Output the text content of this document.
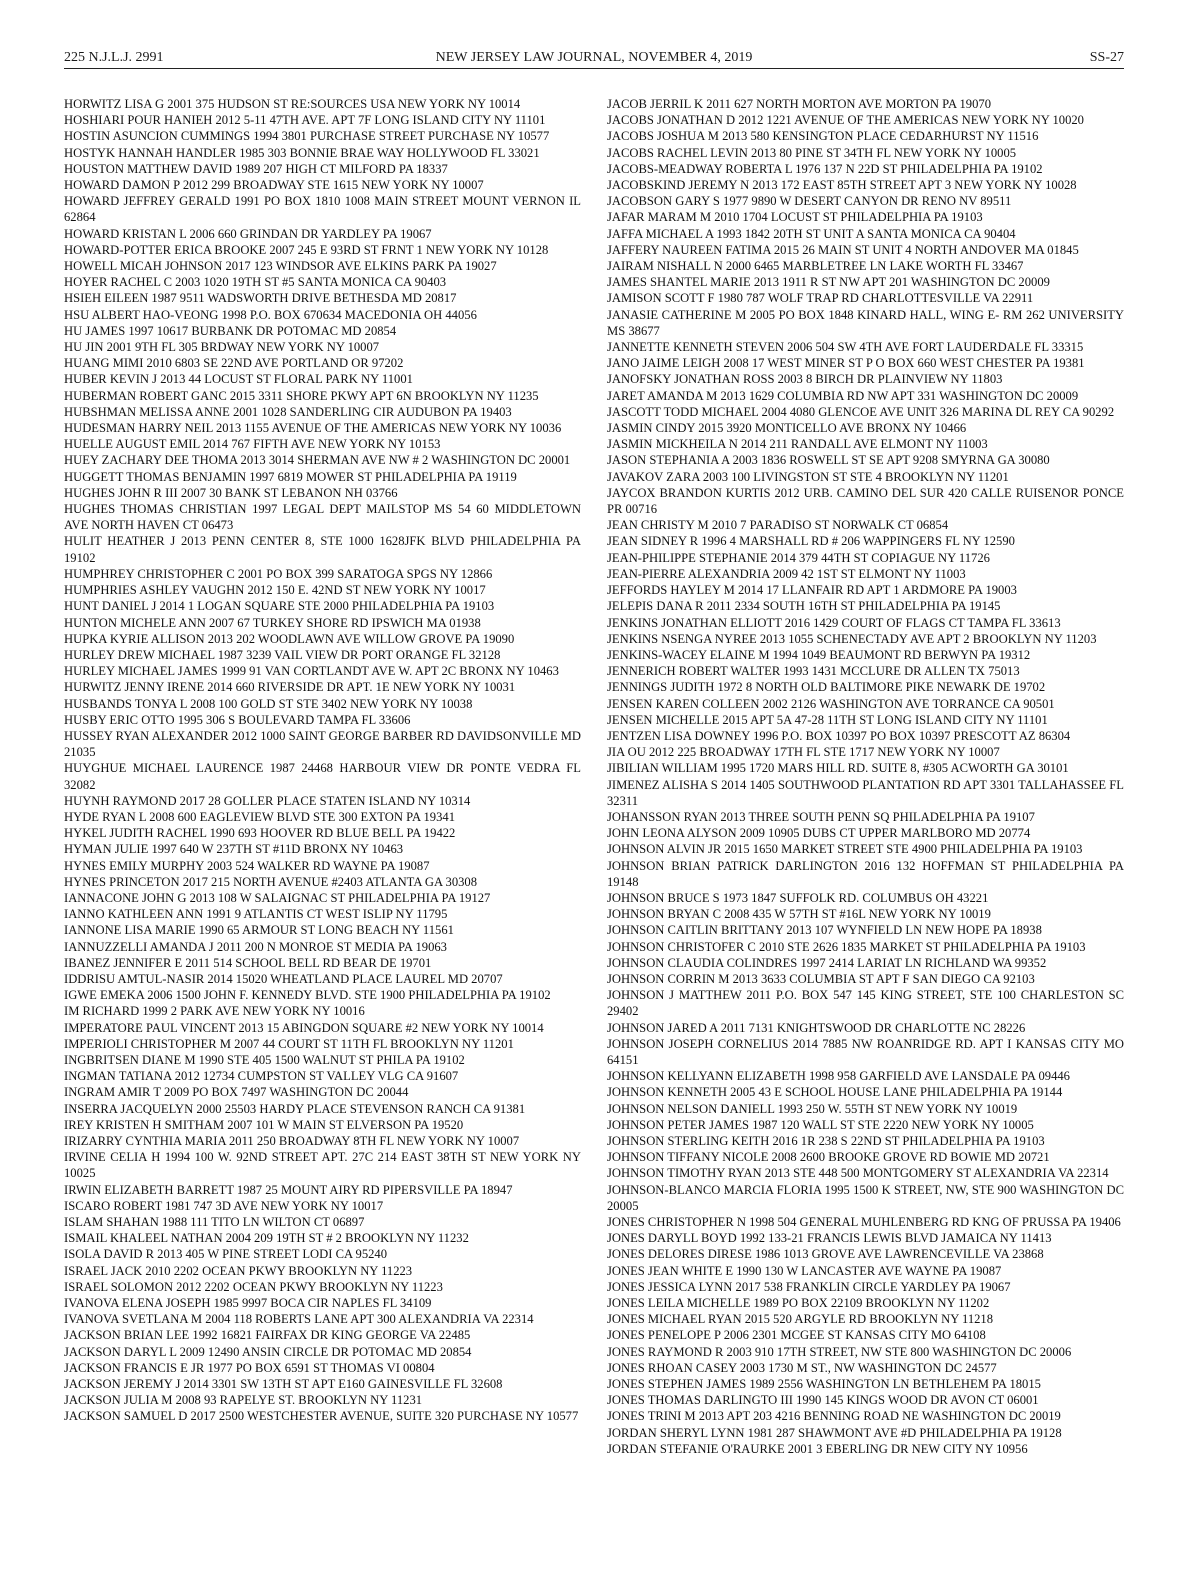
225 N.J.L.J. 2991	NEW JERSEY LAW JOURNAL, NOVEMBER 4, 2019	SS-27

HORWITZ LISA G 2001 375 HUDSON ST RE:SOURCES USA NEW YORK NY 10014

HOSHIARI POUR HANIEH 2012 5-11 47TH AVE. APT 7F LONG ISLAND CITY NY 11101

HOSTIN ASUNCION CUMMINGS 1994 3801 PURCHASE STREET PURCHASE NY 10577

HOSTYK HANNAH HANDLER 1985 303 BONNIE BRAE WAY HOLLYWOOD FL 33021

HOUSTON MATTHEW DAVID 1989 207 HIGH CT MILFORD PA 18337

HOWARD DAMON P 2012 299 BROADWAY STE 1615 NEW YORK NY 10007

HOWARD JEFFREY GERALD 1991 PO BOX 1810 1008 MAIN STREET MOUNT VERNON IL 62864

HOWARD KRISTAN L 2006 660 GRINDAN DR YARDLEY PA 19067

HOWARD-POTTER ERICA BROOKE 2007 245 E 93RD ST FRNT 1 NEW YORK NY 10128

HOWELL MICAH JOHNSON 2017 123 WINDSOR AVE ELKINS PARK PA 19027

HOYER RACHEL C 2003 1020 19TH ST #5 SANTA MONICA CA 90403

HSIEH EILEEN 1987 9511 WADSWORTH DRIVE BETHESDA MD 20817

HSU ALBERT HAO-VEONG 1998 P.O. BOX 670634 MACEDONIA OH 44056

HU JAMES 1997 10617 BURBANK DR POTOMAC MD 20854

HU JIN 2001 9TH FL 305 BRDWAY NEW YORK NY 10007

HUANG MIMI 2010 6803 SE 22ND AVE PORTLAND OR 97202

HUBER KEVIN J 2013 44 LOCUST ST FLORAL PARK NY 11001

HUBERMAN ROBERT GANC 2015 3311 SHORE PKWY APT 6N BROOKLYN NY 11235

HUBSHMAN MELISSA ANNE 2001 1028 SANDERLING CIR AUDUBON PA 19403

HUDESMAN HARRY NEIL 2013 1155 AVENUE OF THE AMERICAS NEW YORK NY 10036

HUELLE AUGUST EMIL 2014 767 FIFTH AVE NEW YORK NY 10153

HUEY ZACHARY DEE THOMA 2013 3014 SHERMAN AVE NW # 2 WASHINGTON DC 20001

HUGGETT THOMAS BENJAMIN 1997 6819 MOWER ST PHILADELPHIA PA 19119

HUGHES JOHN R III 2007 30 BANK ST LEBANON NH 03766

HUGHES THOMAS CHRISTIAN 1997 LEGAL DEPT MAILSTOP MS 54 60 MIDDLETOWN AVE NORTH HAVEN CT 06473

HULIT HEATHER J 2013 PENN CENTER 8, STE 1000 1628JFK BLVD PHILADELPHIA PA 19102

HUMPHREY CHRISTOPHER C 2001 PO BOX 399 SARATOGA SPGS NY 12866

HUMPHRIES ASHLEY VAUGHN 2012 150 E. 42ND ST NEW YORK NY 10017

HUNT DANIEL J 2014 1 LOGAN SQUARE STE 2000 PHILADELPHIA PA 19103

HUNTON MICHELE ANN 2007 67 TURKEY SHORE RD IPSWICH MA 01938

HUPKA KYRIE ALLISON 2013 202 WOODLAWN AVE WILLOW GROVE PA 19090

HURLEY DREW MICHAEL 1987 3239 VAIL VIEW DR PORT ORANGE FL 32128

HURLEY MICHAEL JAMES 1999 91 VAN CORTLANDT AVE W. APT 2C BRONX NY 10463

HURWITZ JENNY IRENE 2014 660 RIVERSIDE DR APT. 1E NEW YORK NY 10031

HUSBANDS TONYA L 2008 100 GOLD ST STE 3402 NEW YORK NY 10038

HUSBY ERIC OTTO 1995 306 S BOULEVARD TAMPA FL 33606

HUSSEY RYAN ALEXANDER 2012 1000 SAINT GEORGE BARBER RD DAVIDSONVILLE MD 21035

HUYGHUE MICHAEL LAURENCE 1987 24468 HARBOUR VIEW DR PONTE VEDRA FL 32082

HUYNH RAYMOND 2017 28 GOLLER PLACE STATEN ISLAND NY 10314

HYDE RYAN L 2008 600 EAGLEVIEW BLVD STE 300 EXTON PA 19341

HYKEL JUDITH RACHEL 1990 693 HOOVER RD BLUE BELL PA 19422

HYMAN JULIE 1997 640 W 237TH ST #11D BRONX NY 10463

HYNES EMILY MURPHY 2003 524 WALKER RD WAYNE PA 19087

HYNES PRINCETON 2017 215 NORTH AVENUE #2403 ATLANTA GA 30308

IANNACONE JOHN G 2013 108 W SALAIGNAC ST PHILADELPHIA PA 19127

IANNO KATHLEEN ANN 1991 9 ATLANTIS CT WEST ISLIP NY 11795

IANNONE LISA MARIE 1990 65 ARMOUR ST LONG BEACH NY 11561

IANNUZZELLI AMANDA J 2011 200 N MONROE ST MEDIA PA 19063

IBANEZ JENNIFER E 2011 514 SCHOOL BELL RD BEAR DE 19701

IDDRISU AMTUL-NASIR 2014 15020 WHEATLAND PLACE LAUREL MD 20707

IGWE EMEKA 2006 1500 JOHN F. KENNEDY BLVD. STE 1900 PHILADELPHIA PA 19102

IM RICHARD 1999 2 PARK AVE NEW YORK NY 10016

IMPERATORE PAUL VINCENT 2013 15 ABINGDON SQUARE #2 NEW YORK NY 10014

IMPERIOLI CHRISTOPHER M 2007 44 COURT ST 11TH FL BROOKLYN NY 11201

INGBRITSEN DIANE M 1990 STE 405 1500 WALNUT ST PHILA PA 19102

INGMAN TATIANA 2012 12734 CUMPSTON ST VALLEY VLG CA 91607

INGRAM AMIR T 2009 PO BOX 7497 WASHINGTON DC 20044

INSERRA JACQUELYN 2000 25503 HARDY PLACE STEVENSON RANCH CA 91381

IREY KRISTEN H SMITHAM 2007 101 W MAIN ST ELVERSON PA 19520

IRIZARRY CYNTHIA MARIA 2011 250 BROADWAY 8TH FL NEW YORK NY 10007

IRVINE CELIA H 1994 100 W. 92ND STREET APT. 27C 214 EAST 38TH ST NEW YORK NY 10025

IRWIN ELIZABETH BARRETT 1987 25 MOUNT AIRY RD PIPERSVILLE PA 18947

ISCARO ROBERT 1981 747 3D AVE NEW YORK NY 10017

ISLAM SHAHAN 1988 111 TITO LN WILTON CT 06897

ISMAIL KHALEEL NATHAN 2004 209 19TH ST # 2 BROOKLYN NY 11232

ISOLA DAVID R 2013 405 W PINE STREET LODI CA 95240

ISRAEL JACK 2010 2202 OCEAN PKWY BROOKLYN NY 11223

ISRAEL SOLOMON 2012 2202 OCEAN PKWY BROOKLYN NY 11223

IVANOVA ELENA JOSEPH 1985 9997 BOCA CIR NAPLES FL 34109

IVANOVA SVETLANA M 2004 118 ROBERTS LANE APT 300 ALEXANDRIA VA 22314

JACKSON BRIAN LEE 1992 16821 FAIRFAX DR KING GEORGE VA 22485

JACKSON DARYL L 2009 12490 ANSIN CIRCLE DR POTOMAC MD 20854

JACKSON FRANCIS E JR 1977 PO BOX 6591 ST THOMAS VI 00804

JACKSON JEREMY J 2014 3301 SW 13TH ST APT E160 GAINESVILLE FL 32608

JACKSON JULIA M 2008 93 RAPELYE ST. BROOKLYN NY 11231

JACKSON SAMUEL D 2017 2500 WESTCHESTER AVENUE, SUITE 320 PURCHASE NY 10577

JACOB JERRIL K 2011 627 NORTH MORTON AVE MORTON PA 19070

JACOBS JONATHAN D 2012 1221 AVENUE OF THE AMERICAS NEW YORK NY 10020

JACOBS JOSHUA M 2013 580 KENSINGTON PLACE CEDARHURST NY 11516

JACOBS RACHEL LEVIN 2013 80 PINE ST 34TH FL NEW YORK NY 10005

JACOBS-MEADWAY ROBERTA L 1976 137 N 22D ST PHILADELPHIA PA 19102

JACOBSKIND JEREMY N 2013 172 EAST 85TH STREET APT 3 NEW YORK NY 10028

JACOBSON GARY S 1977 9890 W DESERT CANYON DR RENO NV 89511

JAFAR MARAM M 2010 1704 LOCUST ST PHILADELPHIA PA 19103

JAFFA MICHAEL A 1993 1842 20TH ST UNIT A SANTA MONICA CA 90404

JAFFERY NAUREEN FATIMA 2015 26 MAIN ST UNIT 4 NORTH ANDOVER MA 01845

JAIRAM NISHALL N 2000 6465 MARBLETREE LN LAKE WORTH FL 33467

JAMES SHANTEL MARIE 2013 1911 R ST NW APT 201 WASHINGTON DC 20009

JAMISON SCOTT F 1980 787 WOLF TRAP RD CHARLOTTESVILLE VA 22911

JANASIE CATHERINE M 2005 PO BOX 1848 KINARD HALL, WING E- RM 262 UNIVERSITY MS 38677

JANNETTE KENNETH STEVEN 2006 504 SW 4TH AVE FORT LAUDERDALE FL 33315

JANO JAIME LEIGH 2008 17 WEST MINER ST P O BOX 660 WEST CHESTER PA 19381

JANOFSKY JONATHAN ROSS 2003 8 BIRCH DR PLAINVIEW NY 11803

JARET AMANDA M 2013 1629 COLUMBIA RD NW APT 331 WASHINGTON DC 20009

JASCOTT TODD MICHAEL 2004 4080 GLENCOE AVE UNIT 326 MARINA DL REY CA 90292

JASMIN CINDY 2015 3920 MONTICELLO AVE BRONX NY 10466

JASMIN MICKHEILA N 2014 211 RANDALL AVE ELMONT NY 11003

JASON STEPHANIA A 2003 1836 ROSWELL ST SE APT 9208 SMYRNA GA 30080

JAVAKOV ZARA 2003 100 LIVINGSTON ST STE 4 BROOKLYN NY 11201

JAYCOX BRANDON KURTIS 2012 URB. CAMINO DEL SUR 420 CALLE RUISENOR PONCE PR 00716

JEAN CHRISTY M 2010 7 PARADISO ST NORWALK CT 06854

JEAN SIDNEY R 1996 4 MARSHALL RD # 206 WAPPINGERS FL NY 12590

JEAN-PHILIPPE STEPHANIE 2014 379 44TH ST COPIAGUE NY 11726

JEAN-PIERRE ALEXANDRIA 2009 42 1ST ST ELMONT NY 11003

JEFFORDS HAYLEY M 2014 17 LLANFAIR RD APT 1 ARDMORE PA 19003

JELEPIS DANA R 2011 2334 SOUTH 16TH ST PHILADELPHIA PA 19145

JENKINS JONATHAN ELLIOTT 2016 1429 COURT OF FLAGS CT TAMPA FL 33613

JENKINS NSENGA NYREE 2013 1055 SCHENECTADY AVE APT 2 BROOKLYN NY 11203

JENKINS-WACEY ELAINE M 1994 1049 BEAUMONT RD BERWYN PA 19312

JENNERICH ROBERT WALTER 1993 1431 MCCLURE DR ALLEN TX 75013

JENNINGS JUDITH 1972 8 NORTH OLD BALTIMORE PIKE NEWARK DE 19702

JENSEN KAREN COLLEEN 2002 2126 WASHINGTON AVE TORRANCE CA 90501

JENSEN MICHELLE 2015 APT 5A 47-28 11TH ST LONG ISLAND CITY NY 11101

JENTZEN LISA DOWNEY 1996 P.O. BOX 10397 PO BOX 10397 PRESCOTT AZ 86304

JIA OU 2012 225 BROADWAY 17TH FL STE 1717 NEW YORK NY 10007

JIBILIAN WILLIAM 1995 1720 MARS HILL RD. SUITE 8, #305 ACWORTH GA 30101

JIMENEZ ALISHA S 2014 1405 SOUTHWOOD PLANTATION RD APT 3301 TALLAHASSEE FL 32311

JOHANSSON RYAN 2013 THREE SOUTH PENN SQ PHILADELPHIA PA 19107

JOHN LEONA ALYSON 2009 10905 DUBS CT UPPER MARLBORO MD 20774

JOHNSON ALVIN JR 2015 1650 MARKET STREET STE 4900 PHILADELPHIA PA 19103

JOHNSON BRIAN PATRICK DARLINGTON 2016 132 HOFFMAN ST PHILADELPHIA PA 19148

JOHNSON BRUCE S 1973 1847 SUFFOLK RD. COLUMBUS OH 43221

JOHNSON BRYAN C 2008 435 W 57TH ST #16L NEW YORK NY 10019

JOHNSON CAITLIN BRITTANY 2013 107 WYNFIELD LN NEW HOPE PA 18938

JOHNSON CHRISTOFER C 2010 STE 2626 1835 MARKET ST PHILADELPHIA PA 19103

JOHNSON CLAUDIA COLINDRES 1997 2414 LARIAT LN RICHLAND WA 99352

JOHNSON CORRIN M 2013 3633 COLUMBIA ST APT F SAN DIEGO CA 92103

JOHNSON J MATTHEW 2011 P.O. BOX 547 145 KING STREET, STE 100 CHARLESTON SC 29402

JOHNSON JARED A 2011 7131 KNIGHTSWOOD DR CHARLOTTE NC 28226

JOHNSON JOSEPH CORNELIUS 2014 7885 NW ROANRIDGE RD. APT I KANSAS CITY MO 64151

JOHNSON KELLYANN ELIZABETH 1998 958 GARFIELD AVE LANSDALE PA 09446

JOHNSON KENNETH 2005 43 E SCHOOL HOUSE LANE PHILADELPHIA PA 19144

JOHNSON NELSON DANIELL 1993 250 W. 55TH ST NEW YORK NY 10019

JOHNSON PETER JAMES 1987 120 WALL ST STE 2220 NEW YORK NY 10005

JOHNSON STERLING KEITH 2016 1R 238 S 22ND ST PHILADELPHIA PA 19103

JOHNSON TIFFANY NICOLE 2008 2600 BROOKE GROVE RD BOWIE MD 20721

JOHNSON TIMOTHY RYAN 2013 STE 448 500 MONTGOMERY ST ALEXANDRIA VA 22314

JOHNSON-BLANCO MARCIA FLORIA 1995 1500 K STREET, NW, STE 900 WASHINGTON DC 20005

JONES CHRISTOPHER N 1998 504 GENERAL MUHLENBERG RD KNG OF PRUSSA PA 19406

JONES DARYLL BOYD 1992 133-21 FRANCIS LEWIS BLVD JAMAICA NY 11413

JONES DELORES DIRESE 1986 1013 GROVE AVE LAWRENCEVILLE VA 23868

JONES JEAN WHITE E 1990 130 W LANCASTER AVE WAYNE PA 19087

JONES JESSICA LYNN 2017 538 FRANKLIN CIRCLE YARDLEY PA 19067

JONES LEILA MICHELLE 1989 PO BOX 22109 BROOKLYN NY 11202

JONES MICHAEL RYAN 2015 520 ARGYLE RD BROOKLYN NY 11218

JONES PENELOPE P 2006 2301 MCGEE ST KANSAS CITY MO 64108

JONES RAYMOND R 2003 910 17TH STREET, NW STE 800 WASHINGTON DC 20006

JONES RHOAN CASEY 2003 1730 M ST., NW WASHINGTON DC 24577

JONES STEPHEN JAMES 1989 2556 WASHINGTON LN BETHLEHEM PA 18015

JONES THOMAS DARLINGTO III 1990 145 KINGS WOOD DR AVON CT 06001

JONES TRINI M 2013 APT 203 4216 BENNING ROAD NE WASHINGTON DC 20019

JORDAN SHERYL LYNN 1981 287 SHAWMONT AVE #D PHILADELPHIA PA 19128

JORDAN STEFANIE O'RAURKE 2001 3 EBERLING DR NEW CITY NY 10956
